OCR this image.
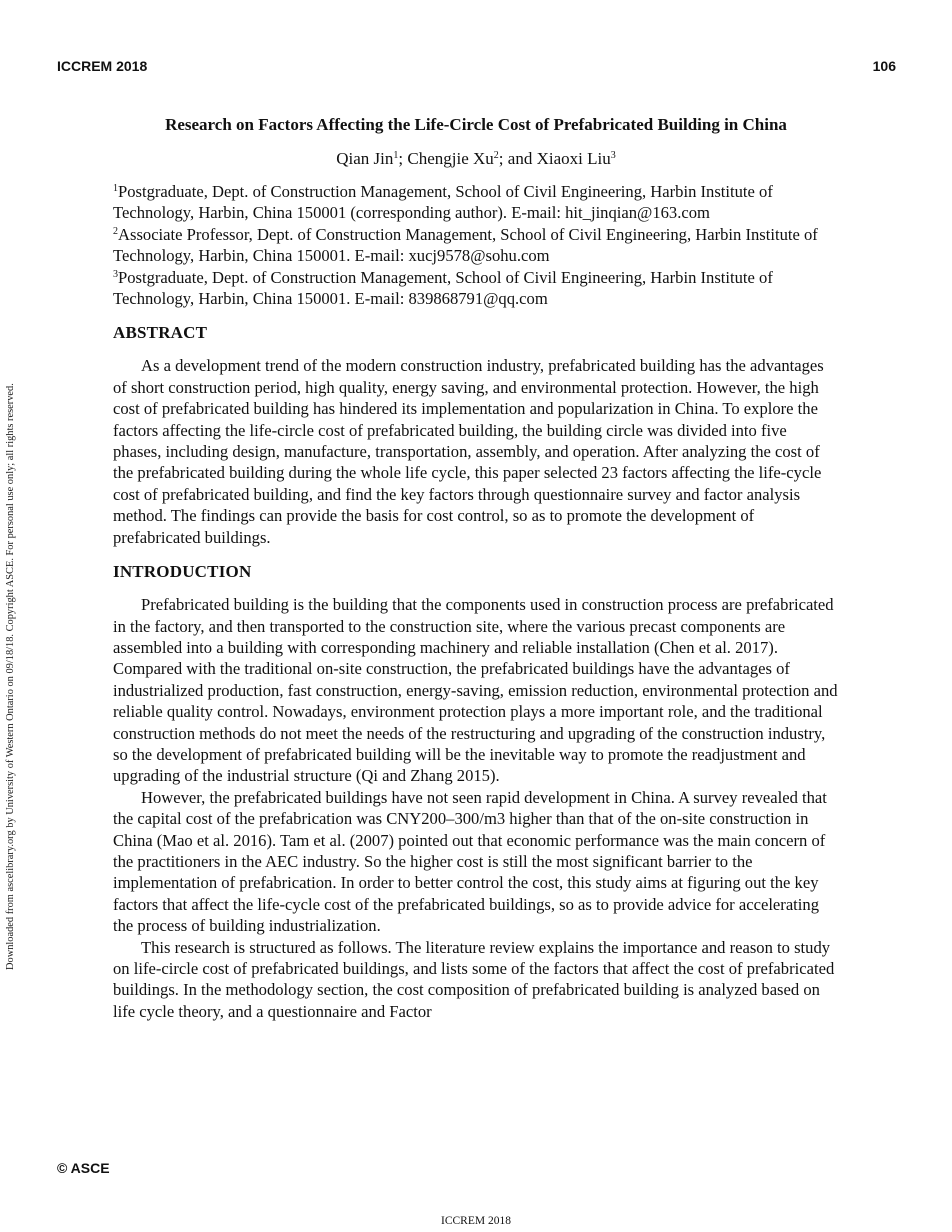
ICCREM 2018	106
Downloaded from ascelibrary.org by University of Western Ontario on 09/18/18. Copyright ASCE. For personal use only; all rights reserved.
Research on Factors Affecting the Life-Circle Cost of Prefabricated Building in China
Qian Jin$^1$; Chengjie Xu$^2$; and Xiaoxi Liu$^3$
$^1$Postgraduate, Dept. of Construction Management, School of Civil Engineering, Harbin Institute of Technology, Harbin, China 150001 (corresponding author). E-mail: hit_jinqian@163.com
$^2$Associate Professor, Dept. of Construction Management, School of Civil Engineering, Harbin Institute of Technology, Harbin, China 150001. E-mail: xucj9578@sohu.com
$^3$Postgraduate, Dept. of Construction Management, School of Civil Engineering, Harbin Institute of Technology, Harbin, China 150001. E-mail: 839868791@qq.com
ABSTRACT

As a development trend of the modern construction industry, prefabricated building has the advantages of short construction period, high quality, energy saving, and environmental protection. However, the high cost of prefabricated building has hindered its implementation and popularization in China. To explore the factors affecting the life-circle cost of prefabricated building, the building circle was divided into five phases, including design, manufacture, transportation, assembly, and operation. After analyzing the cost of the prefabricated building during the whole life cycle, this paper selected 23 factors affecting the life-cycle cost of prefabricated building, and find the key factors through questionnaire survey and factor analysis method. The findings can provide the basis for cost control, so as to promote the development of prefabricated buildings.

INTRODUCTION

Prefabricated building is the building that the components used in construction process are prefabricated in the factory, and then transported to the construction site, where the various precast components are assembled into a building with corresponding machinery and reliable installation (Chen et al. 2017). Compared with the traditional on-site construction, the prefabricated buildings have the advantages of industrialized production, fast construction, energy-saving, emission reduction, environmental protection and reliable quality control. Nowadays, environment protection plays a more important role, and the traditional construction methods do not meet the needs of the restructuring and upgrading of the construction industry, so the development of prefabricated building will be the inevitable way to promote the readjustment and upgrading of the industrial structure (Qi and Zhang 2015).

However, the prefabricated buildings have not seen rapid development in China. A survey revealed that the capital cost of the prefabrication was CNY200–300/m3 higher than that of the on-site construction in China (Mao et al. 2016). Tam et al. (2007) pointed out that economic performance was the main concern of the practitioners in the AEC industry. So the higher cost is still the most significant barrier to the implementation of prefabrication. In order to better control the cost, this study aims at figuring out the key factors that affect the life-cycle cost of the prefabricated buildings, so as to provide advice for accelerating the process of building industrialization.

This research is structured as follows. The literature review explains the importance and reason to study on life-circle cost of prefabricated buildings, and lists some of the factors that affect the cost of prefabricated buildings. In the methodology section, the cost composition of prefabricated building is analyzed based on life cycle theory, and a questionnaire and Factor

© ASCE
ICCREM 2018
